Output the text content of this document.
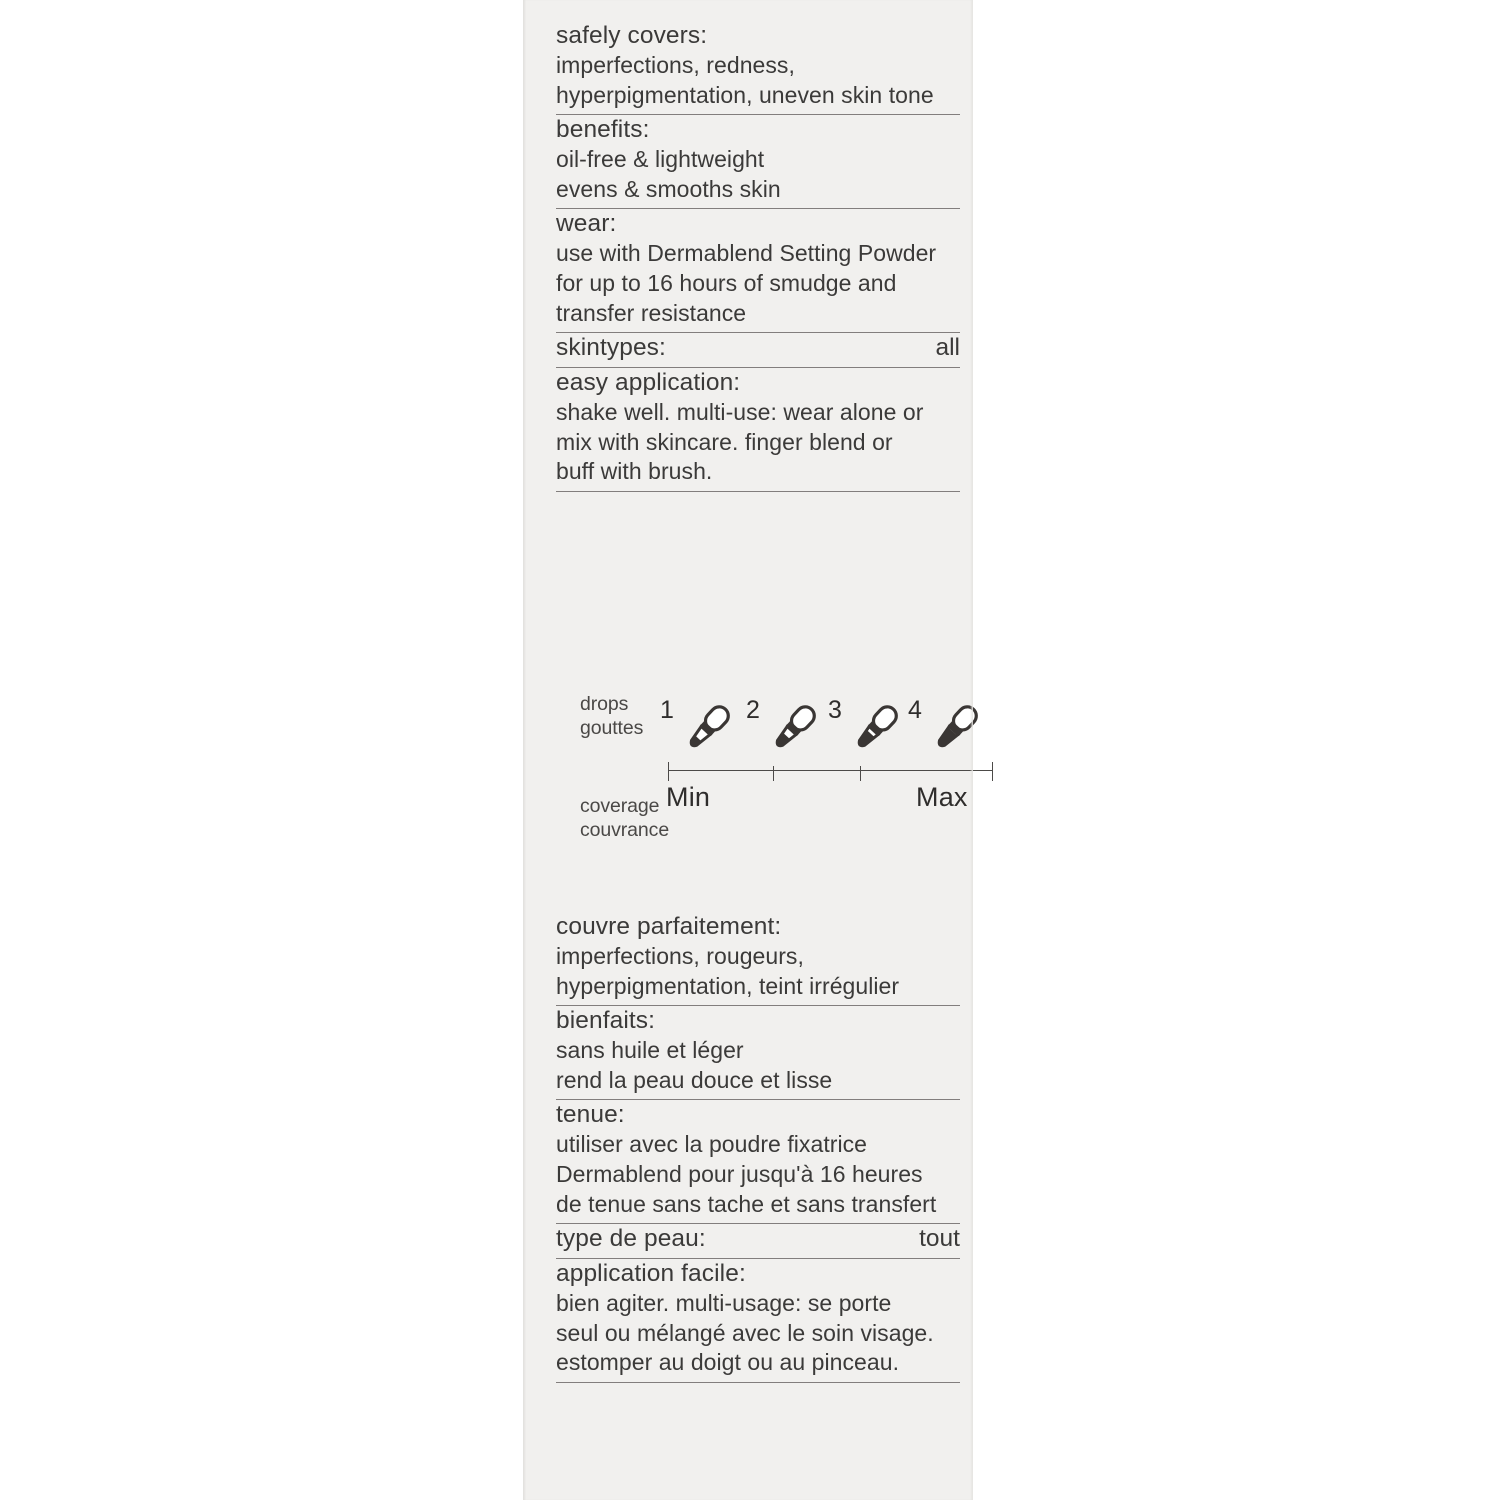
safely covers:
imperfections, redness,
hyperpigmentation, uneven skin tone
benefits:
oil-free & lightweight
evens & smooths skin
wear:
use with Dermablend Setting Powder
for up to 16 hours of smudge and
transfer resistance
skintypes:	all
easy application:
shake well. multi-use: wear alone or
mix with skincare. finger blend or
buff with brush.
drops
gouttes
coverage
couvrance
1	2	3	4
Min	Max
couvre parfaitement:
imperfections, rougeurs,
hyperpigmentation, teint irrégulier
bienfaits:
sans huile et léger
rend la peau douce et lisse
tenue:
utiliser avec la poudre fixatrice
Dermablend pour jusqu'à 16 heures
de tenue sans tache et sans transfert
type de peau:	tout
application facile:
bien agiter. multi-usage: se porte
seul ou mélangé avec le soin visage.
estomper au doigt ou au pinceau.
